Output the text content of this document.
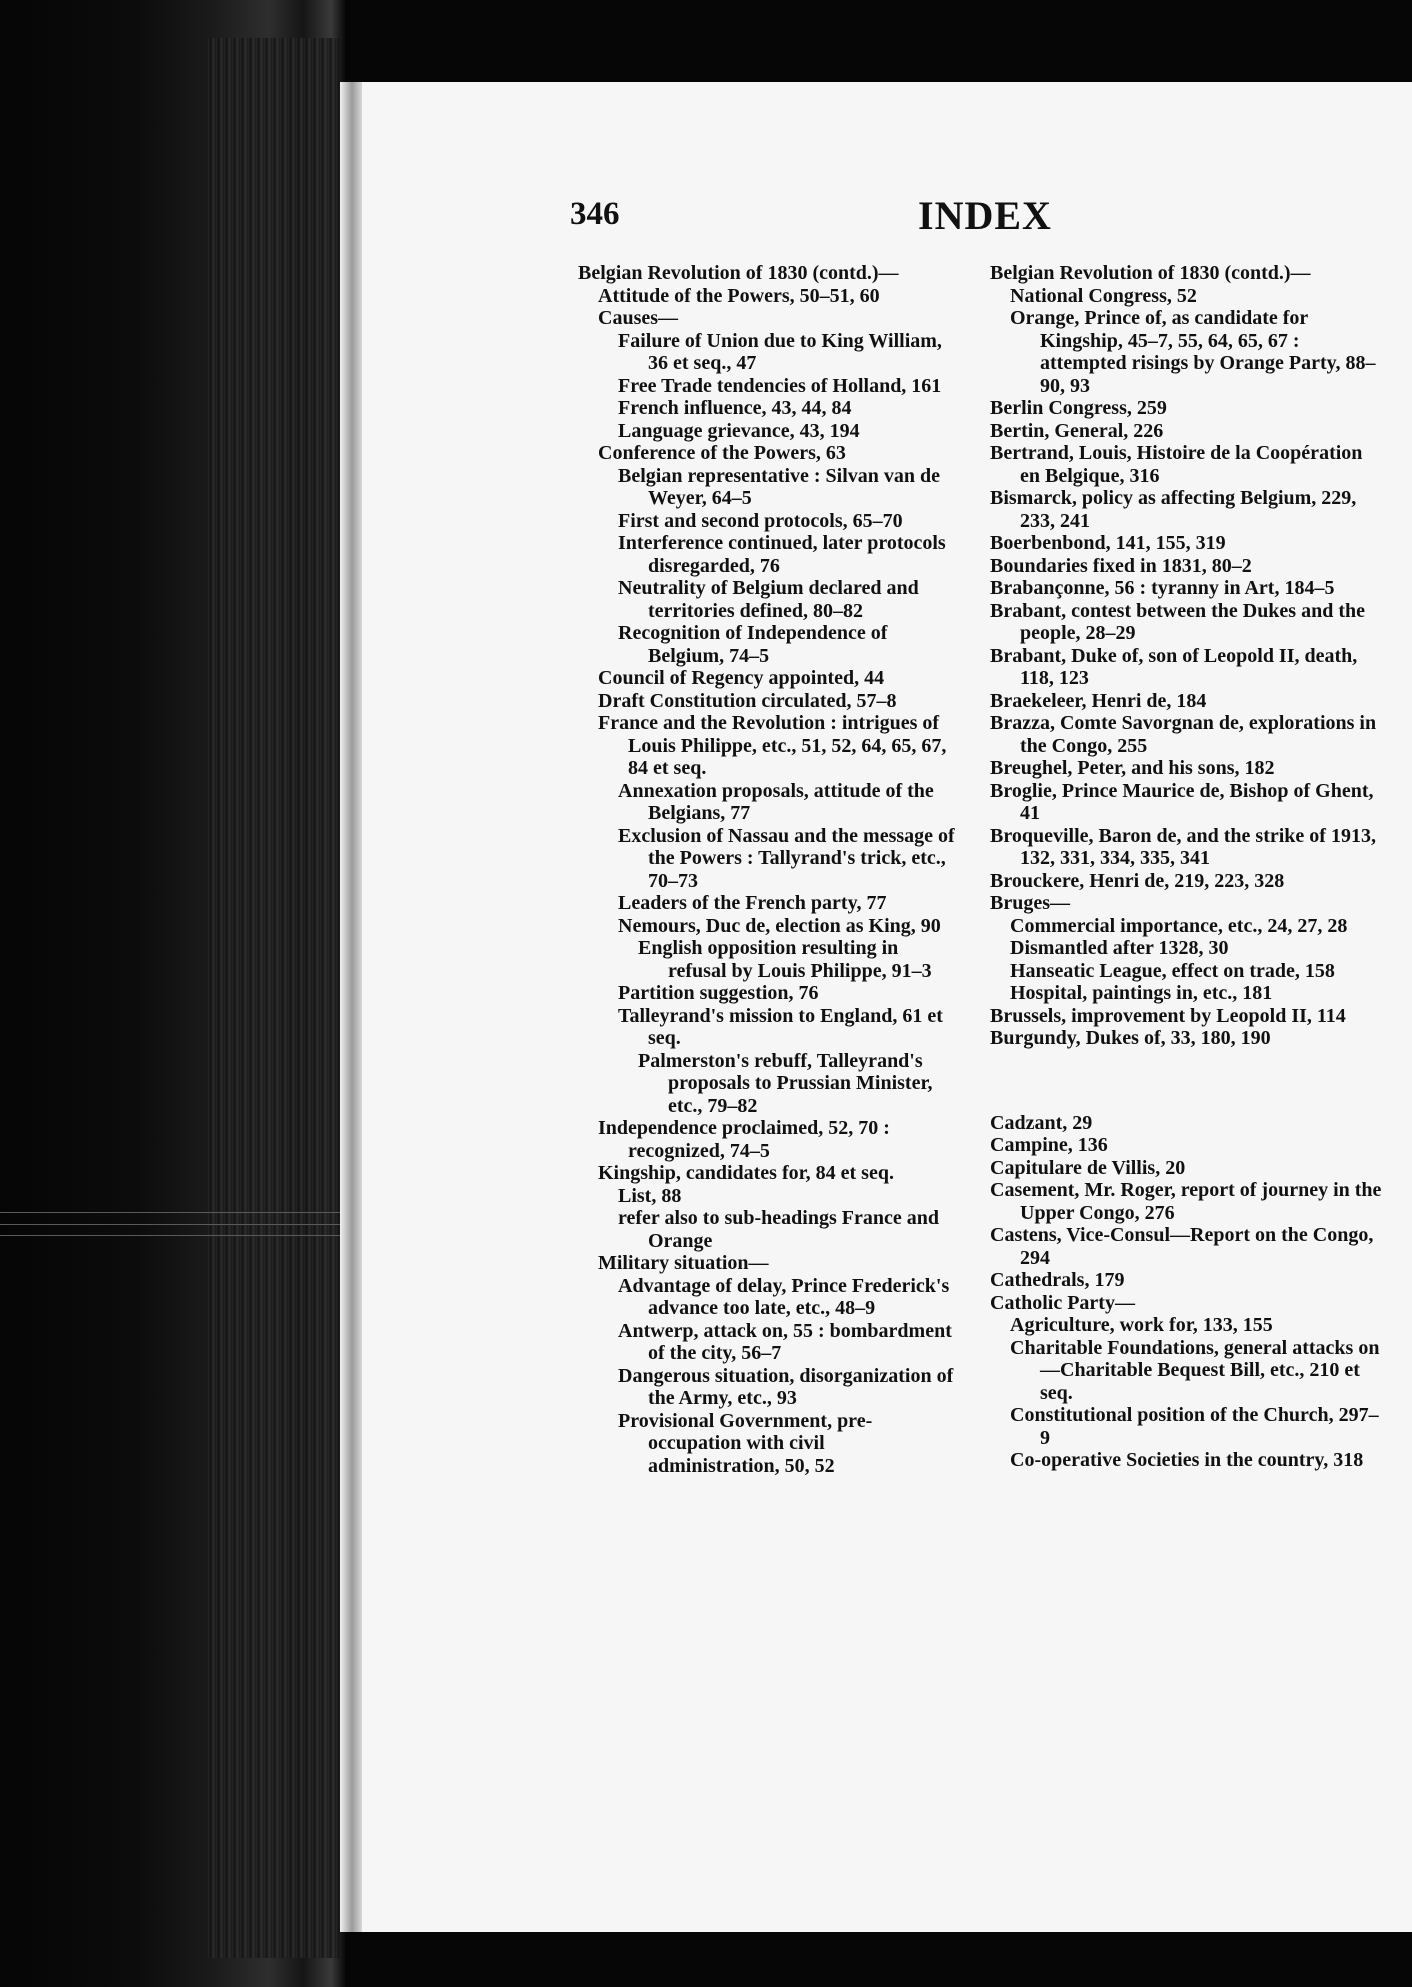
346	INDEX

Belgian Revolution of 1830 (contd.)—

Attitude of the Powers, 50–51, 60

Causes—

Failure of Union due to King William, 36 et seq., 47

Free Trade tendencies of Holland, 161

French influence, 43, 44, 84

Language grievance, 43, 194

Conference of the Powers, 63

Belgian representative : Silvan van de Weyer, 64–5

First and second protocols, 65–70

Interference continued, later protocols disregarded, 76

Neutrality of Belgium declared and territories defined, 80–82

Recognition of Independence of Belgium, 74–5

Council of Regency appointed, 44

Draft Constitution circulated, 57–8

France and the Revolution : intrigues of Louis Philippe, etc., 51, 52, 64, 65, 67, 84 et seq.

Annexation proposals, attitude of the Belgians, 77

Exclusion of Nassau and the message of the Powers : Tallyrand's trick, etc., 70–73

Leaders of the French party, 77

Nemours, Duc de, election as King, 90

English opposition resulting in refusal by Louis Philippe, 91–3

Partition suggestion, 76

Talleyrand's mission to England, 61 et seq.

Palmerston's rebuff, Talleyrand's proposals to Prussian Minister, etc., 79–82

Independence proclaimed, 52, 70 : recognized, 74–5

Kingship, candidates for, 84 et seq.

List, 88

refer also to sub-headings France and Orange

Military situation—

Advantage of delay, Prince Frederick's advance too late, etc., 48–9

Antwerp, attack on, 55 : bombardment of the city, 56–7

Dangerous situation, disorganization of the Army, etc., 93

Provisional Government, pre-occupation with civil administration, 50, 52

Belgian Revolution of 1830 (contd.)—

National Congress, 52

Orange, Prince of, as candidate for Kingship, 45–7, 55, 64, 65, 67 : attempted risings by Orange Party, 88–90, 93

Berlin Congress, 259

Bertin, General, 226

Bertrand, Louis, Histoire de la Coopération en Belgique, 316

Bismarck, policy as affecting Belgium, 229, 233, 241

Boerbenbond, 141, 155, 319

Boundaries fixed in 1831, 80–2

Brabançonne, 56 : tyranny in Art, 184–5

Brabant, contest between the Dukes and the people, 28–29

Brabant, Duke of, son of Leopold II, death, 118, 123

Braekeleer, Henri de, 184

Brazza, Comte Savorgnan de, explorations in the Congo, 255

Breughel, Peter, and his sons, 182

Broglie, Prince Maurice de, Bishop of Ghent, 41

Broqueville, Baron de, and the strike of 1913, 132, 331, 334, 335, 341

Brouckere, Henri de, 219, 223, 328

Bruges—

Commercial importance, etc., 24, 27, 28

Dismantled after 1328, 30

Hanseatic League, effect on trade, 158

Hospital, paintings in, etc., 181

Brussels, improvement by Leopold II, 114

Burgundy, Dukes of, 33, 180, 190

Cadzant, 29

Campine, 136

Capitulare de Villis, 20

Casement, Mr. Roger, report of journey in the Upper Congo, 276

Castens, Vice-Consul—Report on the Congo, 294

Cathedrals, 179

Catholic Party—

Agriculture, work for, 133, 155

Charitable Foundations, general attacks on—Charitable Bequest Bill, etc., 210 et seq.

Constitutional position of the Church, 297–9

Co-operative Societies in the country, 318
